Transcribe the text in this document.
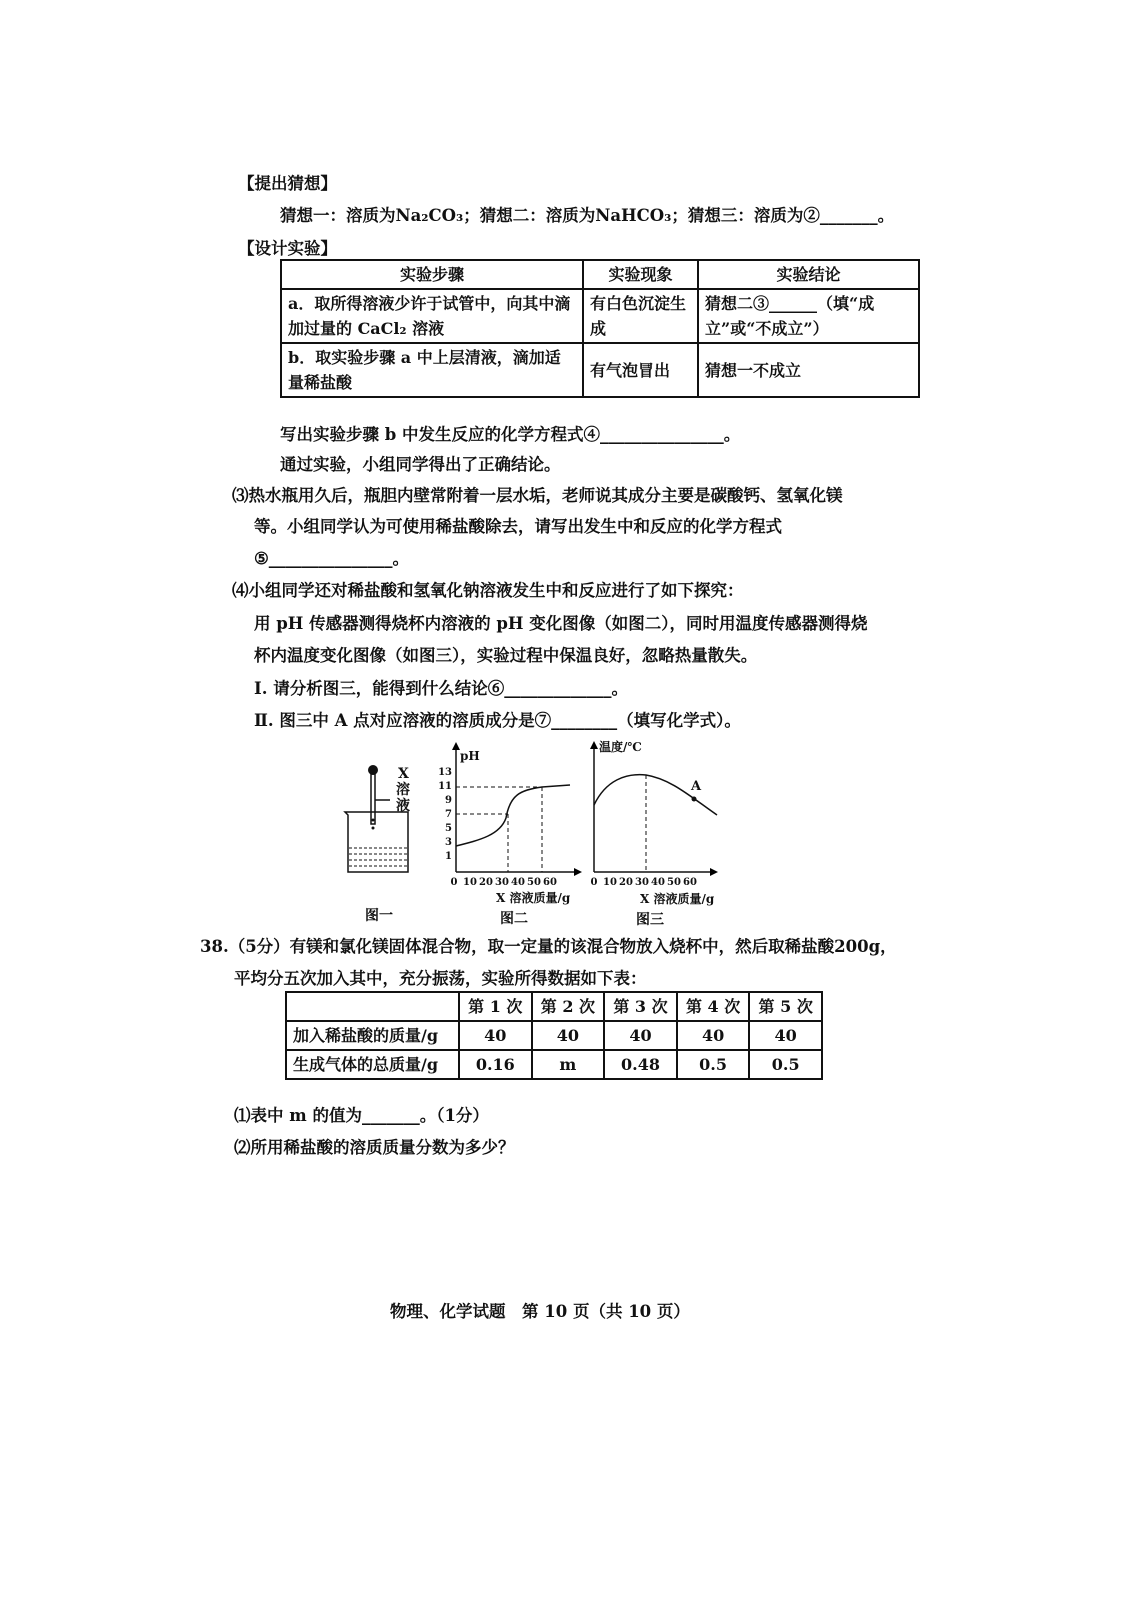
【提出猜想】
猜想一：溶质为Na₂CO₃；猜想二：溶质为NaHCO₃；猜想三：溶质为②_______。
【设计实验】
实验步骤	实验现象	实验结论
a．取所得溶液少许于试管中，向其中滴加过量的 CaCl₂ 溶液	有白色沉淀生成	猜想二③______（填“成立”或“不成立”）
b．取实验步骤 a 中上层清液，滴加适量稀盐酸	有气泡冒出	猜想一不成立
写出实验步骤 b 中发生反应的化学方程式④_______________。
通过实验，小组同学得出了正确结论。
⑶热水瓶用久后，瓶胆内壁常附着一层水垢，老师说其成分主要是碳酸钙、氢氧化镁
等。小组同学认为可使用稀盐酸除去，请写出发生中和反应的化学方程式
⑤_______________。
⑷小组同学还对稀盐酸和氢氧化钠溶液发生中和反应进行了如下探究：
用 pH 传感器测得烧杯内溶液的 pH 变化图像（如图二），同时用温度传感器测得烧
杯内温度变化图像（如图三），实验过程中保温良好，忽略热量散失。
Ⅰ. 请分析图三，能得到什么结论⑥_____________。
Ⅱ. 图三中 A 点对应溶液的溶质成分是⑦________（填写化学式）。
X
溶
液
图一
pH
13
11
9
7
5
3
1
0 10 20 30 40 50 60
X 溶液质量/g
图二
温度/℃
A
0 10 20 30 40 50 60
X 溶液质量/g
图三
38.（5分）有镁和氯化镁固体混合物，取一定量的该混合物放入烧杯中，然后取稀盐酸200g，
平均分五次加入其中，充分振荡，实验所得数据如下表：
	第 1 次	第 2 次	第 3 次	第 4 次	第 5 次
加入稀盐酸的质量/g	40	40	40	40	40
生成气体的总质量/g	0.16	m	0.48	0.5	0.5
⑴表中 m 的值为_______。（1分）
⑵所用稀盐酸的溶质质量分数为多少？
物理、化学试题　第 10 页（共 10 页）
